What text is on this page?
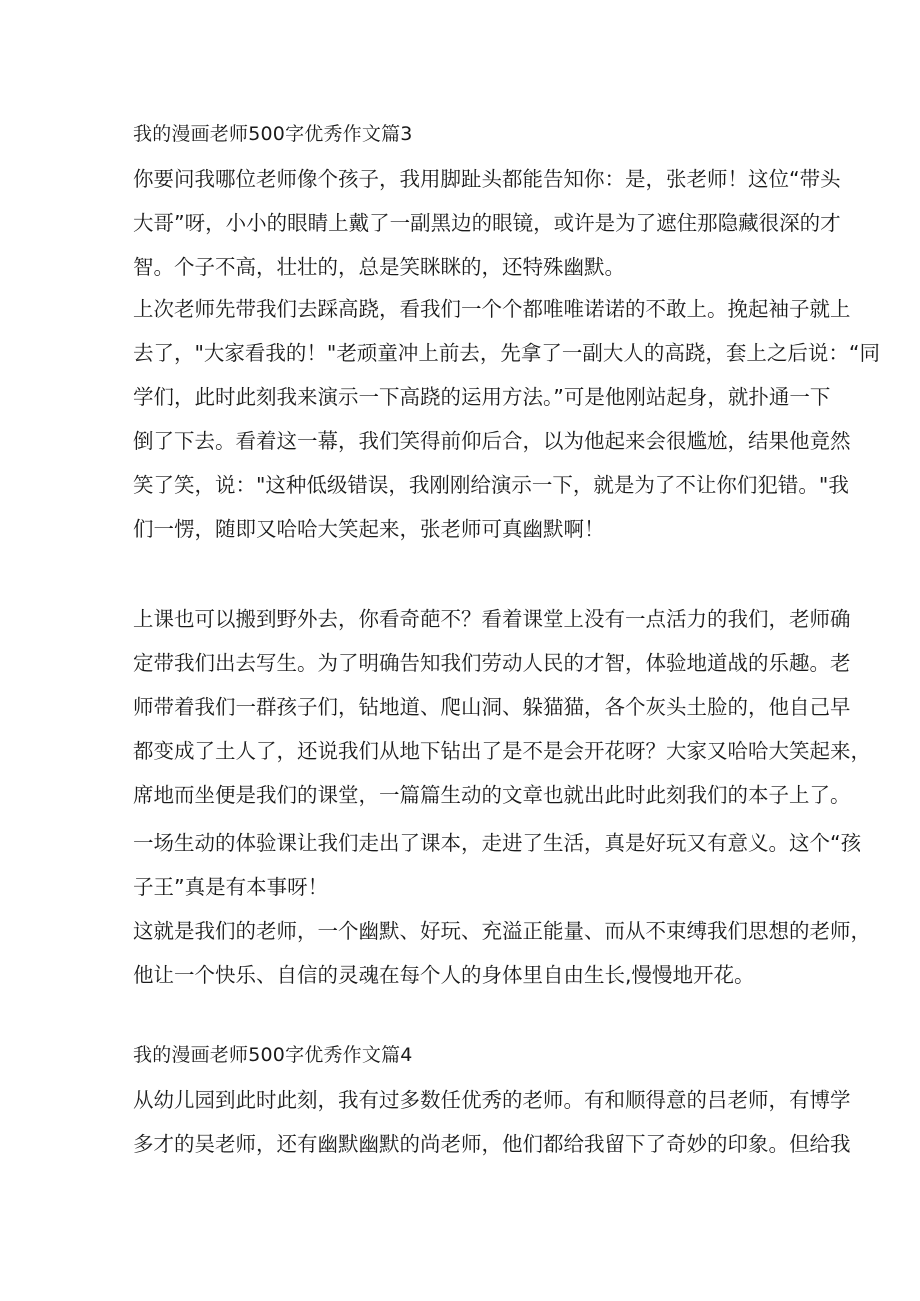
我的漫画老师500字优秀作文篇3
你要问我哪位老师像个孩子，我用脚趾头都能告知你：是，张老师！这位“带头
大哥”呀，小小的眼睛上戴了一副黑边的眼镜，或许是为了遮住那隐藏很深的才
智。个子不高，壮壮的，总是笑眯眯的，还特殊幽默。
上次老师先带我们去踩高跷，看我们一个个都唯唯诺诺的不敢上。挽起袖子就上
去了，"大家看我的！"老顽童冲上前去，先拿了一副大人的高跷，套上之后说：“同
学们，此时此刻我来演示一下高跷的运用方法。”可是他刚站起身，就扑通一下
倒了下去。看着这一幕，我们笑得前仰后合，以为他起来会很尴尬，结果他竟然
笑了笑，说："这种低级错误，我刚刚给演示一下，就是为了不让你们犯错。"我
们一愣，随即又哈哈大笑起来，张老师可真幽默啊！
上课也可以搬到野外去，你看奇葩不？看着课堂上没有一点活力的我们，老师确
定带我们出去写生。为了明确告知我们劳动人民的才智，体验地道战的乐趣。老
师带着我们一群孩子们，钻地道、爬山洞、躲猫猫，各个灰头土脸的，他自己早
都变成了土人了，还说我们从地下钻出了是不是会开花呀？大家又哈哈大笑起来，
席地而坐便是我们的课堂，一篇篇生动的文章也就出此时此刻我们的本子上了。
一场生动的体验课让我们走出了课本，走进了生活，真是好玩又有意义。这个“孩
子王”真是有本事呀！
这就是我们的老师，一个幽默、好玩、充溢正能量、而从不束缚我们思想的老师，
他让一个快乐、自信的灵魂在每个人的身体里自由生长,慢慢地开花。
我的漫画老师500字优秀作文篇4
从幼儿园到此时此刻，我有过多数任优秀的老师。有和顺得意的吕老师，有博学
多才的吴老师，还有幽默幽默的尚老师，他们都给我留下了奇妙的印象。但给我
